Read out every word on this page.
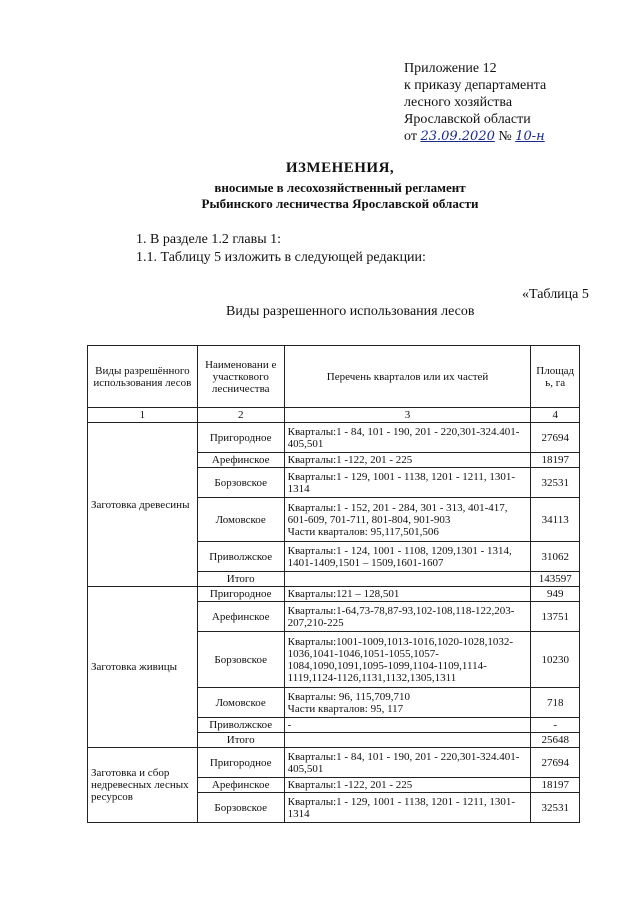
Приложение 12
к приказу департамента
лесного хозяйства
Ярославской области
от 23.09.2020 № 10-н
ИЗМЕНЕНИЯ,
вносимые в лесохозяйственный регламент
Рыбинского лесничества Ярославской области
1. В разделе 1.2 главы 1:
1.1. Таблицу 5 изложить в следующей редакции:
«Таблица 5
Виды разрешенного использования лесов
Виды разрешённого использования лесов	Наименовани е участкового лесничества	Перечень кварталов или их частей	Площад ь, га
1	2	3	4
Заготовка древесины	Пригородное	Кварталы:1 - 84, 101 - 190, 201 - 220,301-324.401-405,501	27694
	Арефинское	Кварталы:1 -122, 201 - 225	18197
	Борзовское	Кварталы:1 - 129, 1001 - 1138, 1201 - 1211, 1301-1314	32531
	Ломовское	Кварталы:1 - 152, 201 - 284, 301 - 313, 401-417, 601-609, 701-711, 801-804, 901-903
Части кварталов: 95,117,501,506	34113
	Приволжское	Кварталы:1 - 124, 1001 - 1108, 1209,1301 - 1314, 1401-1409,1501 – 1509,1601-1607	31062
	Итого		143597
Заготовка живицы	Пригородное	Кварталы:121 – 128,501	949
	Арефинское	Кварталы:1-64,73-78,87-93,102-108,118-122,203-207,210-225	13751
	Борзовское	Кварталы:1001-1009,1013-1016,1020-1028,1032-1036,1041-1046,1051-1055,1057-1084,1090,1091,1095-1099,1104-1109,1114-1119,1124-1126,1131,1132,1305,1311	10230
	Ломовское	Кварталы: 96, 115,709,710
Части кварталов: 95, 117	718
	Приволжское	-	-
	Итого		25648
Заготовка и сбор недревесных лесных ресурсов	Пригородное	Кварталы:1 - 84, 101 - 190, 201 - 220,301-324.401-405,501	27694
	Арефинское	Кварталы:1 -122, 201 - 225	18197
	Борзовское	Кварталы:1 - 129, 1001 - 1138, 1201 - 1211, 1301-1314	32531
